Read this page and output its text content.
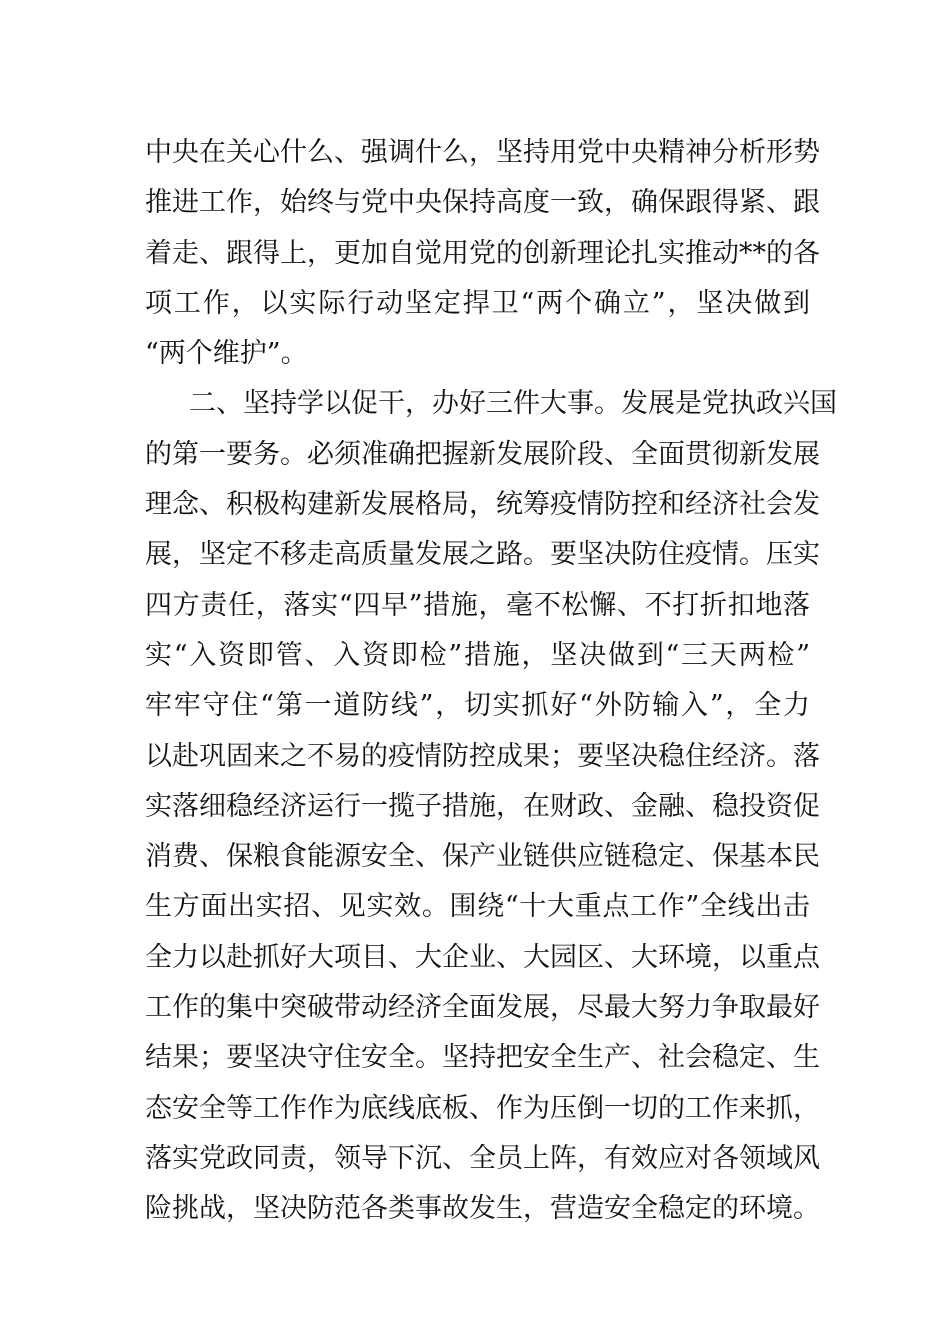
中央在关心什么、强调什么，坚持用党中央精神分析形势
推进工作，始终与党中央保持高度一致，确保跟得紧、跟
着走、跟得上，更加自觉用党的创新理论扎实推动**的各
项工作，以实际行动坚定捍卫“两个确立”，坚决做到
“两个维护”。
二、坚持学以促干，办好三件大事。发展是党执政兴国
的第一要务。必须准确把握新发展阶段、全面贯彻新发展
理念、积极构建新发展格局，统筹疫情防控和经济社会发
展，坚定不移走高质量发展之路。要坚决防住疫情。压实
四方责任，落实“四早”措施，毫不松懈、不打折扣地落
实“入资即管、入资即检”措施，坚决做到“三天两检”
牢牢守住“第一道防线”，切实抓好“外防输入”，全力
以赴巩固来之不易的疫情防控成果；要坚决稳住经济。落
实落细稳经济运行一揽子措施，在财政、金融、稳投资促
消费、保粮食能源安全、保产业链供应链稳定、保基本民
生方面出实招、见实效。围绕“十大重点工作”全线出击
全力以赴抓好大项目、大企业、大园区、大环境，以重点
工作的集中突破带动经济全面发展，尽最大努力争取最好
结果；要坚决守住安全。坚持把安全生产、社会稳定、生
态安全等工作作为底线底板、作为压倒一切的工作来抓，
落实党政同责，领导下沉、全员上阵，有效应对各领域风
险挑战，坚决防范各类事故发生，营造安全稳定的环境。
